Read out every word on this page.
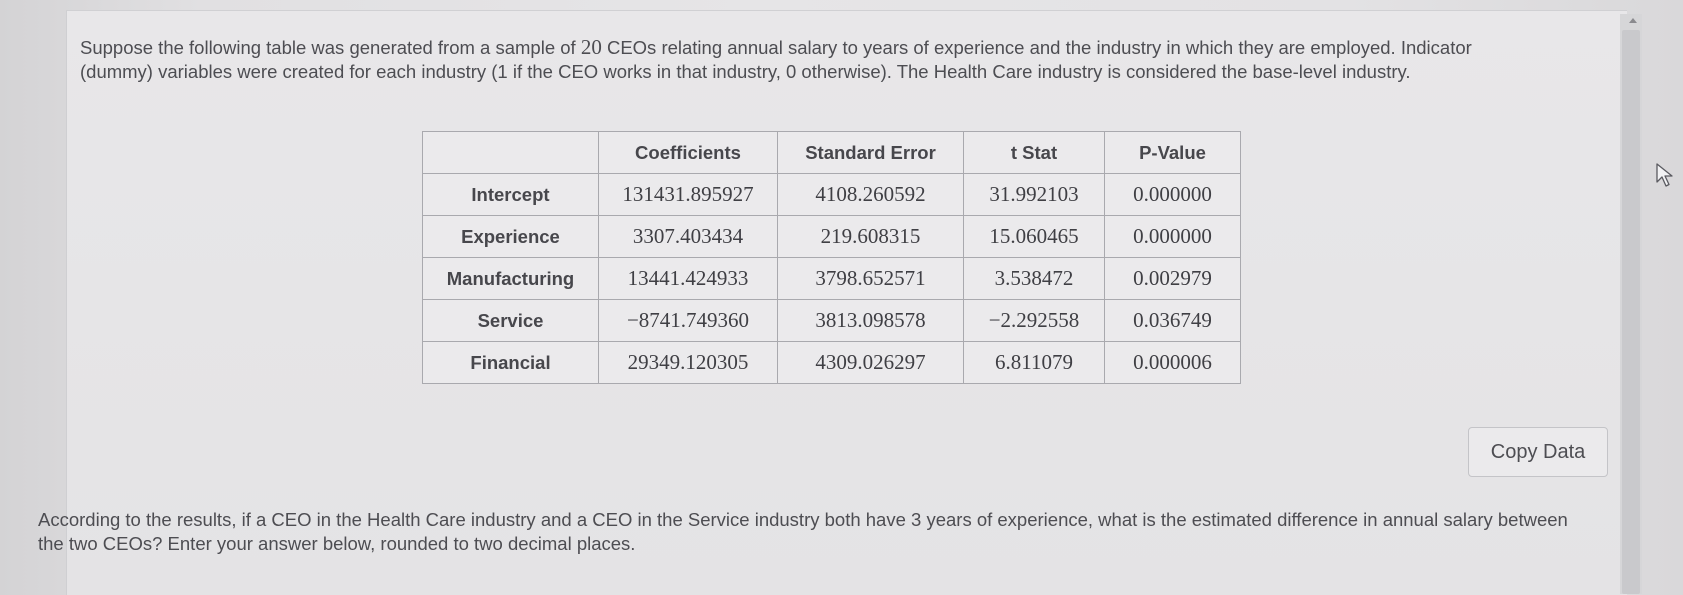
Suppose the following table was generated from a sample of 20 CEOs relating annual salary to years of experience and the industry in which they are employed. Indicator (dummy) variables were created for each industry (1 if the CEO works in that industry, 0 otherwise). The Health Care industry is considered the base-level industry.

	Coefficients	Standard Error	t Stat	P-Value
Intercept	131431.895927	4108.260592	31.992103	0.000000
Experience	3307.403434	219.608315	15.060465	0.000000
Manufacturing	13441.424933	3798.652571	3.538472	0.002979
Service	−8741.749360	3813.098578	−2.292558	0.036749
Financial	29349.120305	4309.026297	6.811079	0.000006
Copy Data

According to the results, if a CEO in the Health Care industry and a CEO in the Service industry both have 3 years of experience, what is the estimated difference in annual salary between the two CEOs? Enter your answer below, rounded to two decimal places.
